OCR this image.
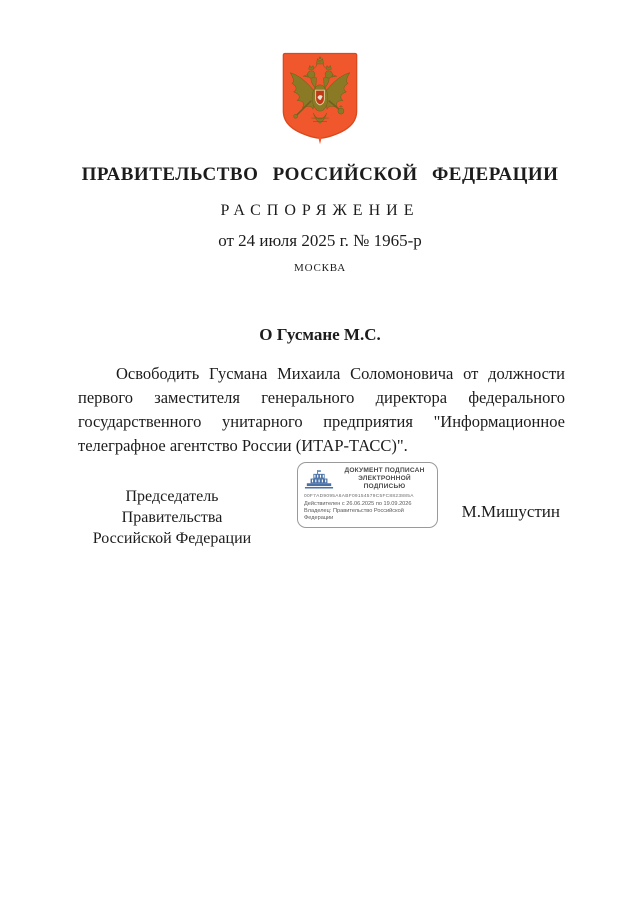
ПРАВИТЕЛЬСТВО РОССИЙСКОЙ ФЕДЕРАЦИИ
РАСПОРЯЖЕНИЕ
от 24 июля 2025 г. № 1965-р
МОСКВА
О Гусмане М.С.
Освободить Гусмана Михаила Соломоновича от должности первого заместителя генерального директора федерального государственного унитарного предприятия "Информационное телеграфное агентство России (ИТАР-ТАСС)".
Председатель Правительства
Российской Федерации
ДОКУМЕНТ ПОДПИСАН
ЭЛЕКТРОННОЙ ПОДПИСЬЮ
00F7AD9095A6ABF09154579C5FC8823885A
Действителен с 26.06.2025 по 19.09.2026
Владелец: Правительство Российской
Федерации	М.Мишустин
